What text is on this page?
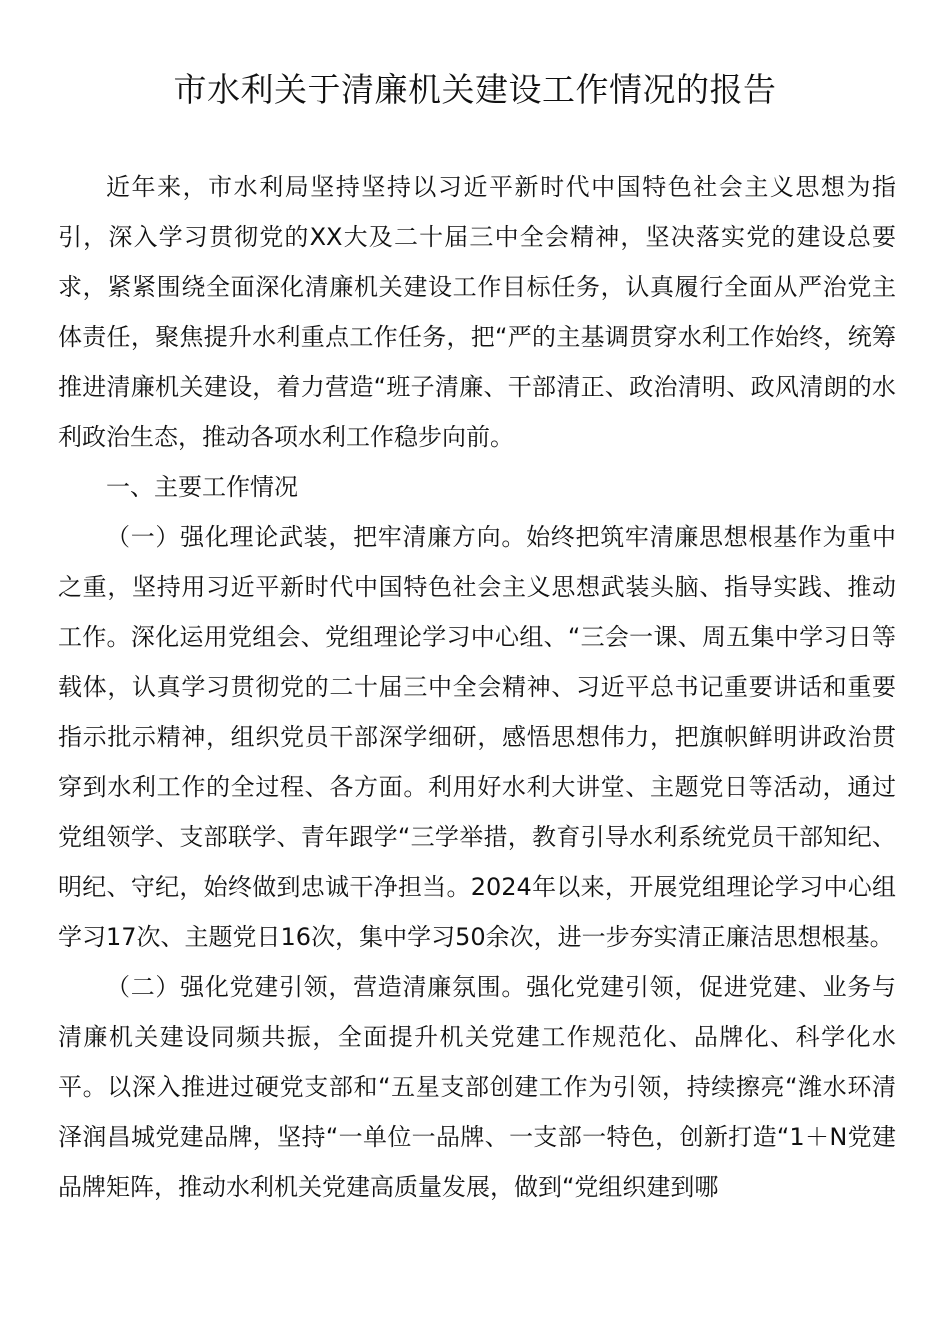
市水利关于清廉机关建设工作情况的报告

近年来，市水利局坚持坚持以习近平新时代中国特色社会主义思想为指引，深入学习贯彻党的XX大及二十届三中全会精神，坚决落实党的建设总要求，紧紧围绕全面深化清廉机关建设工作目标任务，认真履行全面从严治党主体责任，聚焦提升水利重点工作任务，把“严的主基调贯穿水利工作始终，统筹推进清廉机关建设，着力营造“班子清廉、干部清正、政治清明、政风清朗的水利政治生态，推动各项水利工作稳步向前。

一、主要工作情况

（一）强化理论武装，把牢清廉方向。始终把筑牢清廉思想根基作为重中之重，坚持用习近平新时代中国特色社会主义思想武装头脑、指导实践、推动工作。深化运用党组会、党组理论学习中心组、“三会一课、周五集中学习日等载体，认真学习贯彻党的二十届三中全会精神、习近平总书记重要讲话和重要指示批示精神，组织党员干部深学细研，感悟思想伟力，把旗帜鲜明讲政治贯穿到水利工作的全过程、各方面。利用好水利大讲堂、主题党日等活动，通过党组领学、支部联学、青年跟学“三学举措，教育引导水利系统党员干部知纪、明纪、守纪，始终做到忠诚干净担当。2024年以来，开展党组理论学习中心组学习17次、主题党日16次，集中学习50余次，进一步夯实清正廉洁思想根基。

（二）强化党建引领，营造清廉氛围。强化党建引领，促进党建、业务与清廉机关建设同频共振，全面提升机关党建工作规范化、品牌化、科学化水平。以深入推进过硬党支部和“五星支部创建工作为引领，持续擦亮“潍水环清泽润昌城党建品牌，坚持“一单位一品牌、一支部一特色，创新打造“1＋N党建品牌矩阵，推动水利机关党建高质量发展，做到“党组织建到哪
